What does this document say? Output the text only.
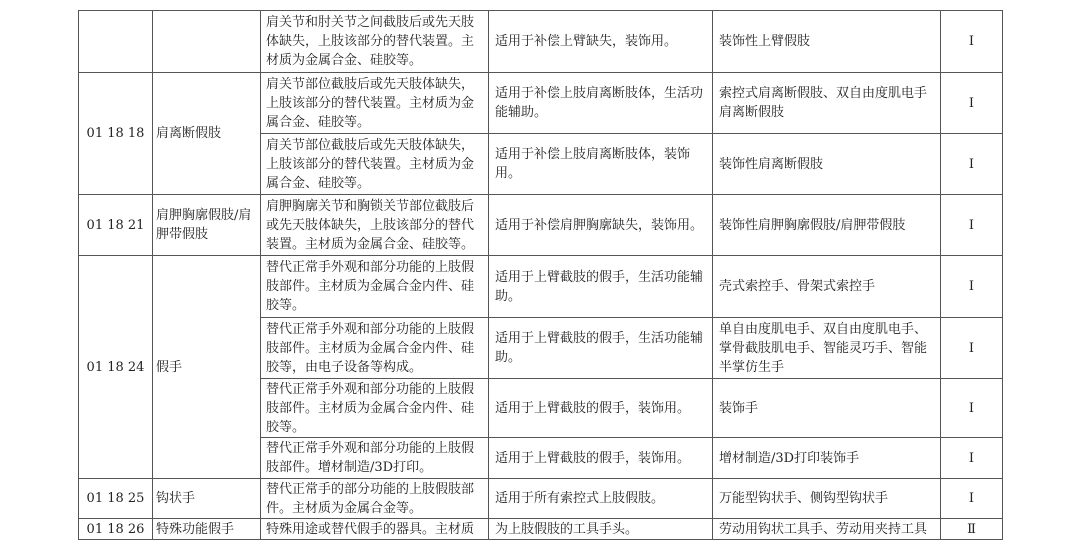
		肩关节和肘关节之间截肢后或先天肢体缺失，上肢该部分的替代装置。主材质为金属合金、硅胶等。	适用于补偿上臂缺失，装饰用。	装饰性上臂假肢	Ⅰ
01 18 18	肩离断假肢	肩关节部位截肢后或先天肢体缺失，上肢该部分的替代装置。主材质为金属合金、硅胶等。	适用于补偿上肢肩离断肢体，生活功能辅助。	索控式肩离断假肢、双自由度肌电手肩离断假肢	Ⅰ
		肩关节部位截肢后或先天肢体缺失，上肢该部分的替代装置。主材质为金属合金、硅胶等。	适用于补偿上肢肩离断肢体，装饰用。	装饰性肩离断假肢	Ⅰ
01 18 21	肩胛胸廓假肢/肩胛带假肢	肩胛胸廓关节和胸锁关节部位截肢后或先天肢体缺失，上肢该部分的替代装置。主材质为金属合金、硅胶等。	适用于补偿肩胛胸廓缺失，装饰用。	装饰性肩胛胸廓假肢/肩胛带假肢	Ⅰ
01 18 24	假手	替代正常手外观和部分功能的上肢假肢部件。主材质为金属合金内件、硅胶等。	适用于上臂截肢的假手，生活功能辅助。	壳式索控手、骨架式索控手	Ⅰ
		替代正常手外观和部分功能的上肢假肢部件。主材质为金属合金内件、硅胶等，由电子设备等构成。	适用于上臂截肢的假手，生活功能辅助。	单自由度肌电手、双自由度肌电手、掌骨截肢肌电手、智能灵巧手、智能半掌仿生手	Ⅰ
		替代正常手外观和部分功能的上肢假肢部件。主材质为金属合金内件、硅胶等。	适用于上臂截肢的假手，装饰用。	装饰手	Ⅰ
		替代正常手外观和部分功能的上肢假肢部件。增材制造/3D打印。	适用于上臂截肢的假手，装饰用。	增材制造/3D打印装饰手	Ⅰ
01 18 25	钩状手	替代正常手的部分功能的上肢假肢部件。主材质为金属合金等。	适用于所有索控式上肢假肢。	万能型钩状手、侧钩型钩状手	Ⅰ
01 18 26	特殊功能假手	特殊用途或替代假手的器具。主材质	为上肢假肢的工具手头。	劳动用钩状工具手、劳动用夹持工具	Ⅱ
